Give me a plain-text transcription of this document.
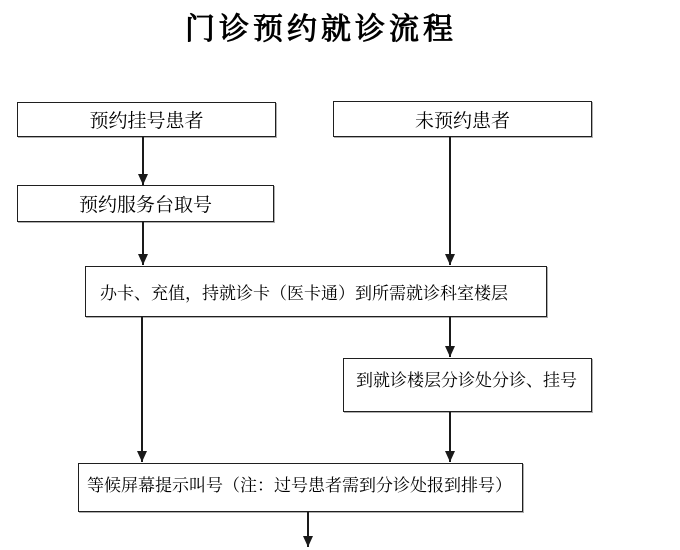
门诊预约就诊流程
预约挂号患者	未预约患者
预约服务台取号
办卡、充值，持就诊卡（医卡通）到所需就诊科室楼层
到就诊楼层分诊处分诊、挂号
等候屏幕提示叫号（注：过号患者需到分诊处报到排号）
